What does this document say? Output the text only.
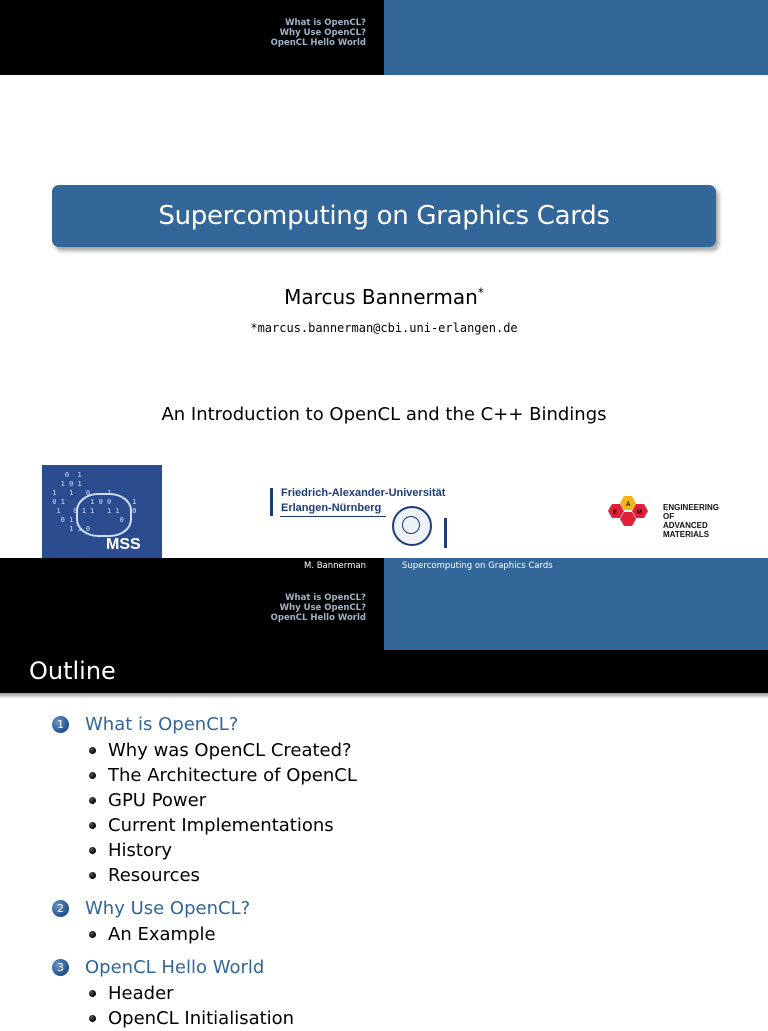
What is OpenCL?
Why Use OpenCL?
OpenCL Hello World
Supercomputing on Graphics Cards
Marcus Bannerman*
*marcus.bannerman@cbi.uni-erlangen.de
An Introduction to OpenCL and the C++ Bindings
0  1
1 0 1
1   1   0    1
0 1      1 0 0     1
1   0 1 1   1 1   0
0 1           0
1 1 0
MSS
Friedrich-Alexander-Universität
Erlangen-Nürnberg	A
E	M
ENGINEERING
OF ADVANCED
MATERIALS
M. Bannerman	Supercomputing on Graphics Cards
What is OpenCL?
Why Use OpenCL?
OpenCL Hello World
Outline
1 What is OpenCL?
Why was OpenCL Created?
The Architecture of OpenCL
GPU Power
Current Implementations
History
Resources
2 Why Use OpenCL?
An Example
3 OpenCL Hello World
Header
OpenCL Initialisation
